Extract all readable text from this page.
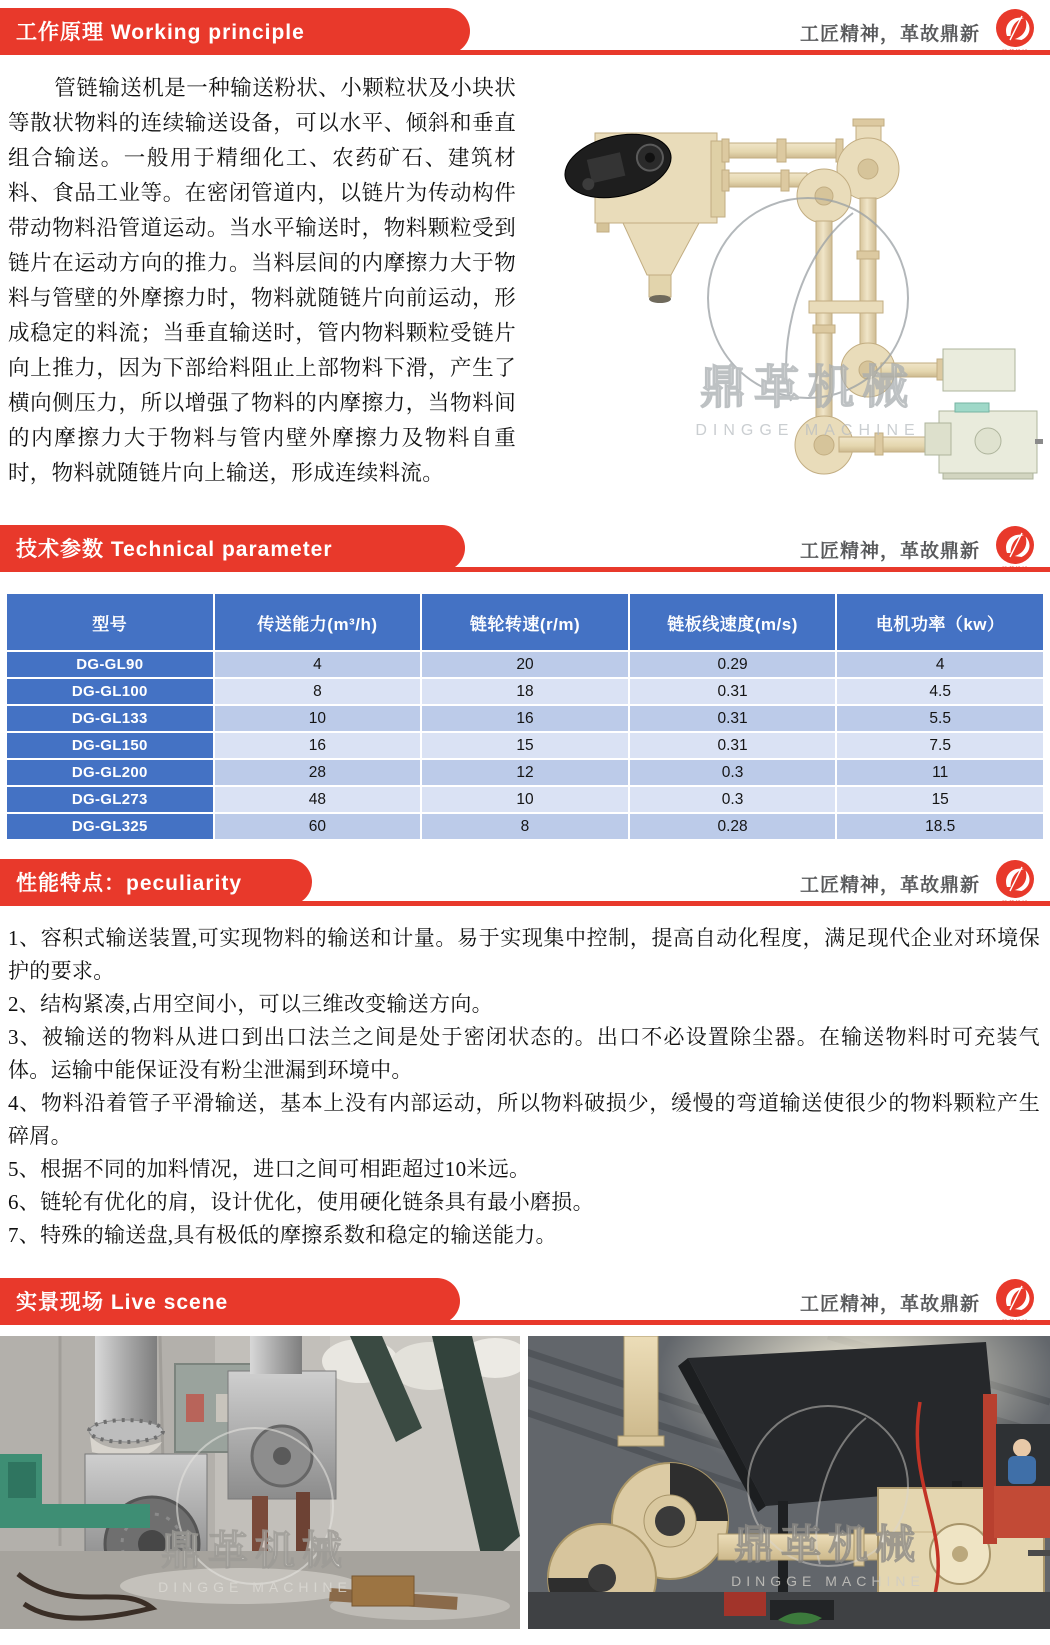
工作原理 Working principle	工匠精神，革故鼎新
鼎革机械
管链输送机是一种输送粉状、小颗粒状及小块状等散状物料的连续输送设备，可以水平、倾斜和垂直组合输送。一般用于精细化工、农药矿石、建筑材料、食品工业等。在密闭管道内，以链片为传动构件带动物料沿管道运动。当水平输送时，物料颗粒受到链片在运动方向的推力。当料层间的内摩擦力大于物料与管壁的外摩擦力时，物料就随链片向前运动，形成稳定的料流；当垂直输送时，管内物料颗粒受链片向上推力，因为下部给料阻止上部物料下滑，产生了横向侧压力，所以增强了物料的内摩擦力，当物料间的内摩擦力大于物料与管内壁外摩擦力及物料自重时，物料就随链片向上输送，形成连续料流。
鼎革机械
DINGGE MACHINE
技术参数 Technical parameter	工匠精神，革故鼎新
鼎革机械
型号	传送能力(m³/h)	链轮转速(r/m)	链板线速度(m/s)	电机功率（kw）
DG-GL90	4	20	0.29	4
DG-GL100	8	18	0.31	4.5
DG-GL133	10	16	0.31	5.5
DG-GL150	16	15	0.31	7.5
DG-GL200	28	12	0.3	11
DG-GL273	48	10	0.3	15
DG-GL325	60	8	0.28	18.5
性能特点：peculiarity	工匠精神，革故鼎新
鼎革机械
1、容积式输送装置,可实现物料的输送和计量。易于实现集中控制，提高自动化程度，满足现代企业对环境保护的要求。
2、结构紧凑,占用空间小，可以三维改变输送方向。
3、被输送的物料从进口到出口法兰之间是处于密闭状态的。出口不必设置除尘器。在输送物料时可充装气体。运输中能保证没有粉尘泄漏到环境中。
4、物料沿着管子平滑输送，基本上没有内部运动，所以物料破损少，缓慢的弯道输送使很少的物料颗粒产生碎屑。
5、根据不同的加料情况，进口之间可相距超过10米远。
6、链轮有优化的肩，设计优化，使用硬化链条具有最小磨损。
7、特殊的输送盘,具有极低的摩擦系数和稳定的输送能力。
实景现场 Live scene	工匠精神，革故鼎新
鼎革机械
鼎革机械
DINGGE MACHINE
鼎革机械
DINGGE MACHINE
